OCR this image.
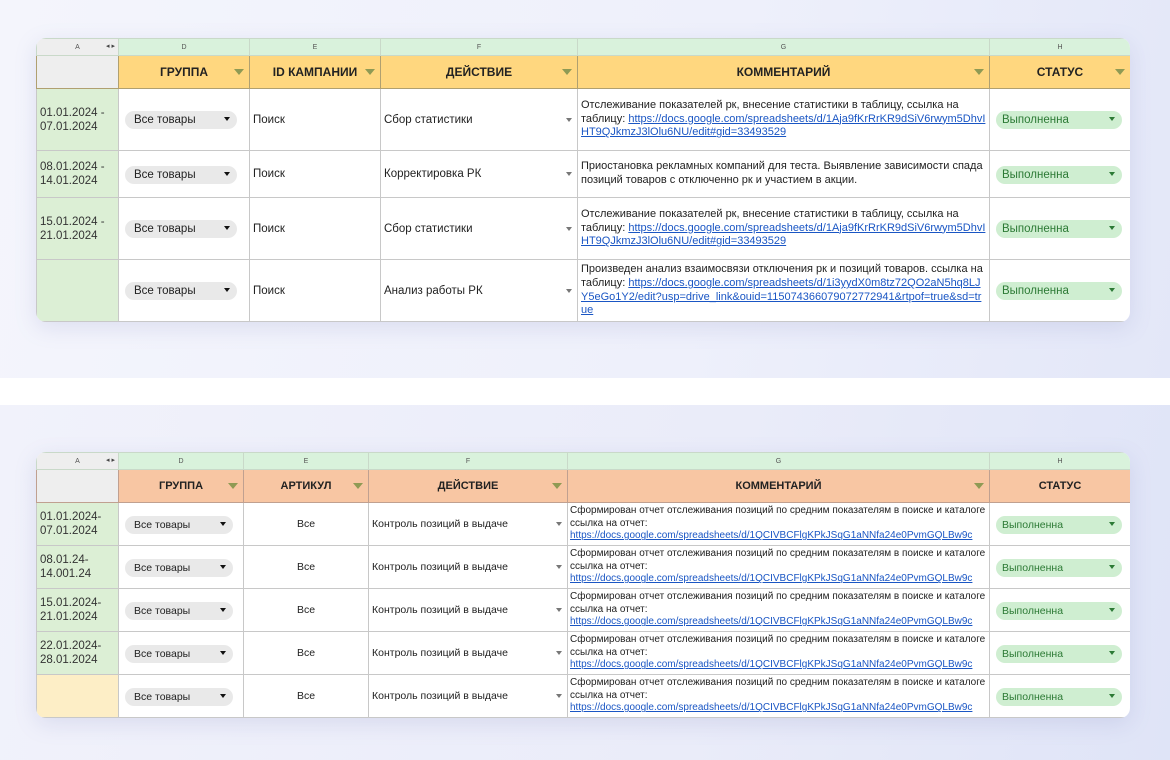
A ◂ ▸	D	E	F	G	H
	ГРУППА	ID КАМПАНИИ	ДЕЙСТВИЕ	КОММЕНТАРИЙ	СТАТУС

01.01.2024 - 07.01.2024	Все товары	Поиск	Сбор статистики	Отслеживание показателей рк, внесение статистики в таблицу, ссылка на таблицу: https://docs.google.com/spreadsheets/d/1Aja9fKrRrKR9dSiV6rwym5DhvIHT9QJkmzJ3lOlu6NU/edit#gid=33493529	Выполненна

08.01.2024 - 14.01.2024	Все товары	Поиск	Корректировка РК	Приостановка рекламных компаний для теста. Выявление зависимости спада позиций товаров с отключенно рк и участием в акции.	Выполненна

15.01.2024 - 21.01.2024	Все товары	Поиск	Сбор статистики	Отслеживание показателей рк, внесение статистики в таблицу, ссылка на таблицу: https://docs.google.com/spreadsheets/d/1Aja9fKrRrKR9dSiV6rwym5DhvIHT9QJkmzJ3lOlu6NU/edit#gid=33493529	Выполненна

	Все товары	Поиск	Анализ работы РК	Произведен анализ взаимосвязи отключения рк и позиций товаров. ссылка на таблицу: https://docs.google.com/spreadsheets/d/1i3yydX0m8tz72QO2aN5hq8LJY5eGo1Y2/edit?usp=drive_link&ouid=115074366079072772941&rtpof=true&sd=true	Выполненна
A ◂ ▸	D	E	F	G	H
	ГРУППА	АРТИКУЛ	ДЕЙСТВИЕ	КОММЕНТАРИЙ	СТАТУС
01.01.2024-07.01.2024	Все товары	Все	Контроль позиций в выдаче	Сформирован отчет отслеживания позиций по средним показателям в поиске и каталоге ссылка на отчет:
https://docs.google.com/spreadsheets/d/1QCIVBCFlgKPkJSqG1aNNfa24e0PvmGQLBw9c	Выполненна

08.01.24-14.001.24	Все товары	Все	Контроль позиций в выдаче	Сформирован отчет отслеживания позиций по средним показателям в поиске и каталоге ссылка на отчет:
https://docs.google.com/spreadsheets/d/1QCIVBCFlgKPkJSqG1aNNfa24e0PvmGQLBw9c	Выполненна

15.01.2024-21.01.2024	Все товары	Все	Контроль позиций в выдаче	Сформирован отчет отслеживания позиций по средним показателям в поиске и каталоге ссылка на отчет:
https://docs.google.com/spreadsheets/d/1QCIVBCFlgKPkJSqG1aNNfa24e0PvmGQLBw9c	Выполненна

22.01.2024-28.01.2024	Все товары	Все	Контроль позиций в выдаче	Сформирован отчет отслеживания позиций по средним показателям в поиске и каталоге ссылка на отчет:
https://docs.google.com/spreadsheets/d/1QCIVBCFlgKPkJSqG1aNNfa24e0PvmGQLBw9c	Выполненна

	Все товары	Все	Контроль позиций в выдаче	Сформирован отчет отслеживания позиций по средним показателям в поиске и каталоге ссылка на отчет:
https://docs.google.com/spreadsheets/d/1QCIVBCFlgKPkJSqG1aNNfa24e0PvmGQLBw9c	Выполненна
